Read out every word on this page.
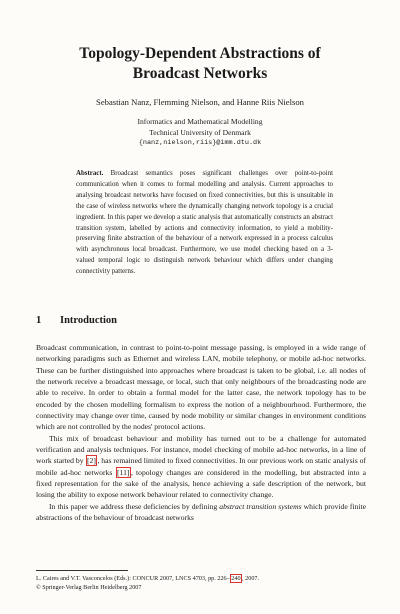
Topology-Dependent Abstractions of
Broadcast Networks
Sebastian Nanz, Flemming Nielson, and Hanne Riis Nielson
Informatics and Mathematical Modelling
Technical University of Denmark
{nanz,nielson,riis}@imm.dtu.dk
Abstract. Broadcast semantics poses significant challenges over point-to-point communication when it comes to formal modelling and analysis. Current approaches to analysing broadcast networks have focused on fixed connectivities, but this is unsuitable in the case of wireless networks where the dynamically changing network topology is a crucial ingredient. In this paper we develop a static analysis that automatically constructs an abstract transition system, labelled by actions and connectivity information, to yield a mobility-preserving finite abstraction of the behaviour of a network expressed in a process calculus with asynchronous local broadcast. Furthermore, we use model checking based on a 3-valued temporal logic to distinguish network behaviour which differs under changing connectivity patterns.
1 Introduction

Broadcast communication, in contrast to point-to-point message passing, is employed in a wide range of networking paradigms such as Ethernet and wireless LAN, mobile telephony, or mobile ad-hoc networks. These can be further distinguished into approaches where broadcast is taken to be global, i.e. all nodes of the network receive a broadcast message, or local, such that only neighbours of the broadcasting node are able to receive. In order to obtain a formal model for the latter case, the network topology has to be encoded by the chosen modelling formalism to express the notion of a neighbourhood. Furthermore, the connectivity may change over time, caused by node mobility or similar changes in environment conditions which are not controlled by the nodes' protocol actions.

This mix of broadcast behaviour and mobility has turned out to be a challenge for automated verification and analysis techniques. For instance, model checking of mobile ad-hoc networks, in a line of work started by [2] , has remained limited to fixed connectivities. In our previous work on static analysis of mobile ad-hoc networks [11] , topology changes are considered in the modelling, but abstracted into a fixed representation for the sake of the analysis, hence achieving a safe description of the network, but losing the ability to expose network behaviour related to connectivity change.

In this paper we address these deficiencies by defining abstract transition systems which provide finite abstractions of the behaviour of broadcast networks

L. Caires and V.T. Vasconcelos (Eds.): CONCUR 2007, LNCS 4703, pp. 226– 240 , 2007.
© Springer-Verlag Berlin Heidelberg 2007
